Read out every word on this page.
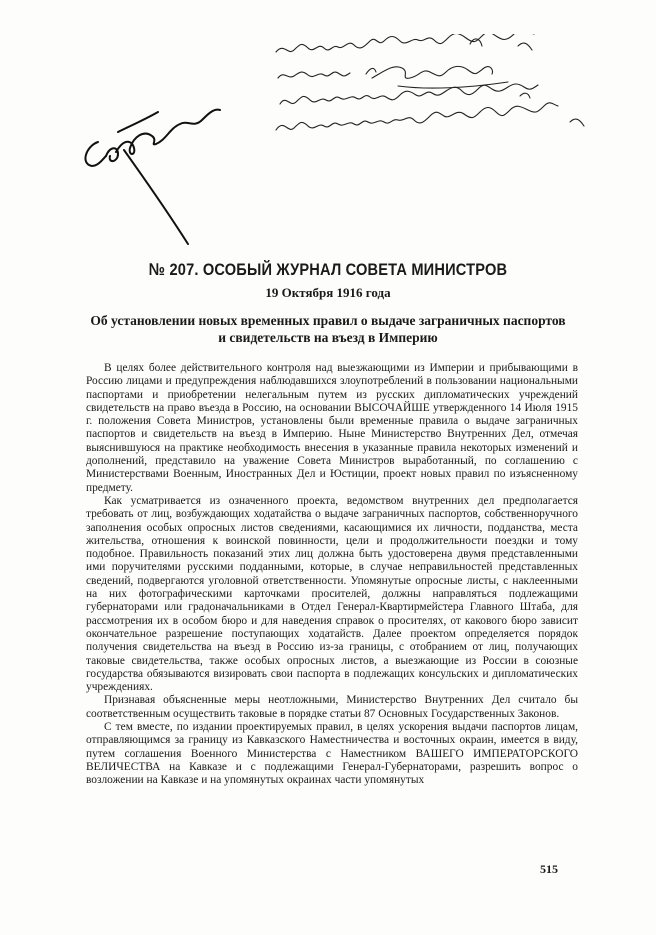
№ 207. ОСОБЫЙ ЖУРНАЛ СОВЕТА МИНИСТРОВ
19 Октября 1916 года
Об установлении новых временных правил о выдаче заграничных паспортов
и свидетельств на въезд в Империю

В целях более действительного контроля над выезжающими из Империи и прибывающими в Россию лицами и предупреждения наблюдавшихся злоупотреблений в пользовании национальными паспортами и приобретении нелегальным путем из русских дипломатических учреждений свидетельств на право въезда в Россию, на основании ВЫСОЧАЙШЕ утвержденного 14 Июля 1915 г. положения Совета Министров, установлены были временные правила о выдаче заграничных паспортов и свидетельств на въезд в Империю. Ныне Министерство Внутренних Дел, отмечая выяснившуюся на практике необходимость внесения в указанные правила некоторых изменений и дополнений, представило на уважение Совета Министров выработанный, по соглашению с Министерствами Военным, Иностранных Дел и Юстиции, проект новых правил по изъясненному предмету.

Как усматривается из означенного проекта, ведомством внутренних дел предполагается требовать от лиц, возбуждающих ходатайства о выдаче заграничных паспортов, собственноручного заполнения особых опросных листов сведениями, касающимися их личности, подданства, места жительства, отношения к воинской повинности, цели и продолжительности поездки и тому подобное. Правильность показаний этих лиц должна быть удостоверена двумя представленными ими поручителями русскими подданными, которые, в случае неправильностей представленных сведений, подвергаются уголовной ответственности. Упомянутые опросные листы, с наклеенными на них фотографическими карточками просителей, должны направляться подлежащими губернаторами или градоначальниками в Отдел Генерал-Квартирмейстера Главного Штаба, для рассмотрения их в особом бюро и для наведения справок о просителях, от какового бюро зависит окончательное разрешение поступающих ходатайств. Далее проектом определяется порядок получения свидетельства на въезд в Россию из-за границы, с отобранием от лиц, получающих таковые свидетельства, также особых опросных листов, а выезжающие из России в союзные государства обязываются визировать свои паспорта в подлежащих консульских и дипломатических учреждениях.

Признавая объясненные меры неотложными, Министерство Внутренних Дел считало бы соответственным осуществить таковые в порядке статьи 87 Основных Государственных Законов.

С тем вместе, по издании проектируемых правил, в целях ускорения выдачи паспортов лицам, отправляющимся за границу из Кавказского Наместничества и восточных окраин, имеется в виду, путем соглашения Военного Министерства с Наместником ВАШЕГО ИМПЕРАТОРСКОГО ВЕЛИЧЕСТВА на Кавказе и с подлежащими Генерал-Губернаторами, разрешить вопрос о возложении на Кавказе и на упомянутых окраинах части упомянутых

515
